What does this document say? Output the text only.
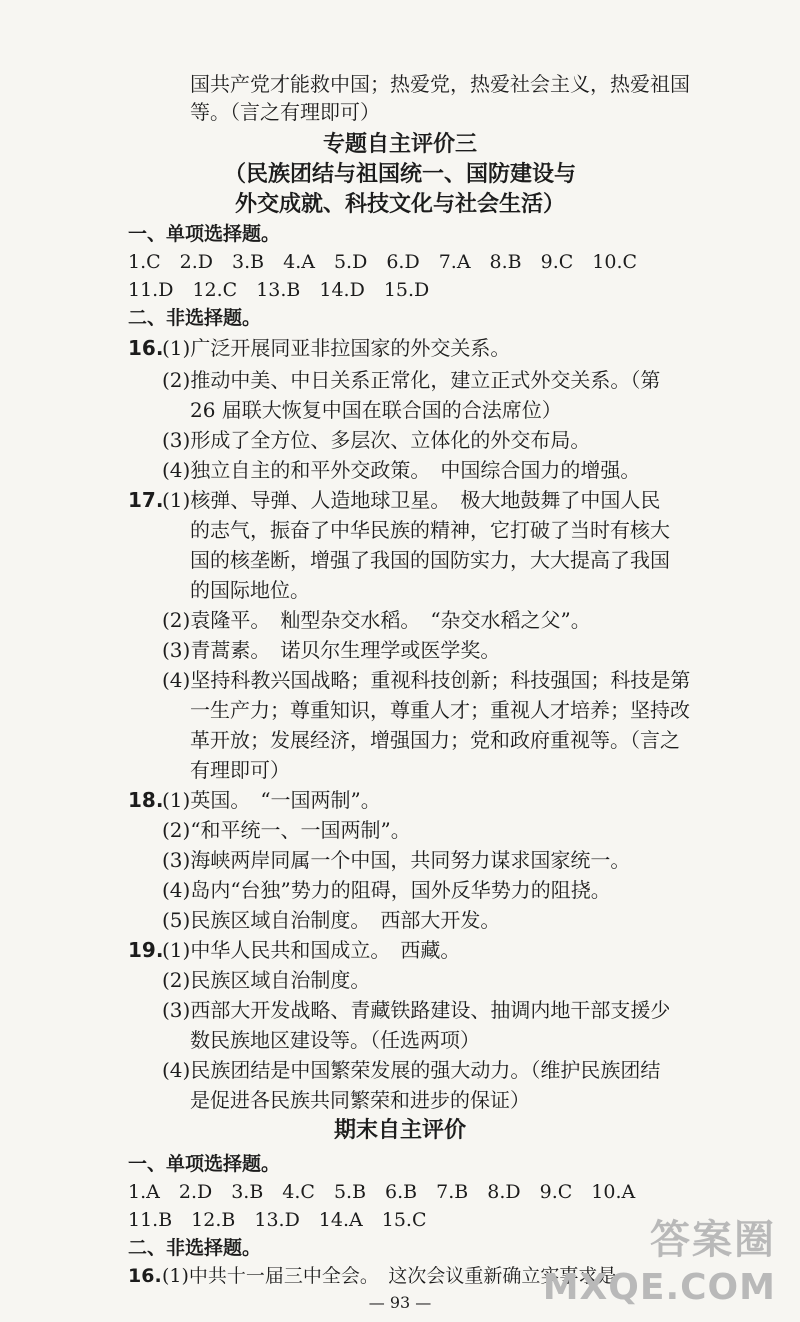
国共产党才能救中国；热爱党，热爱社会主义，热爱祖国
等。（言之有理即可）
专题自主评价三
（民族团结与祖国统一、国防建设与
外交成就、科技文化与社会生活）
一、单项选择题。
1.C　2.D　3.B　4.A　5.D　6.D　7.A　8.B　9.C　10.C
11.D　12.C　13.B　14.D　15.D
二、非选择题。
16.
(1)广泛开展同亚非拉国家的外交关系。
(2)推动中美、中日关系正常化，建立正式外交关系。（第
26 届联大恢复中国在联合国的合法席位）
(3)形成了全方位、多层次、立体化的外交布局。
(4)独立自主的和平外交政策。　中国综合国力的增强。
17.
(1)核弹、导弹、人造地球卫星。　极大地鼓舞了中国人民
的志气，振奋了中华民族的精神，它打破了当时有核大
国的核垄断，增强了我国的国防实力，大大提高了我国
的国际地位。
(2)袁隆平。　籼型杂交水稻。　“杂交水稻之父”。
(3)青蒿素。　诺贝尔生理学或医学奖。
(4)坚持科教兴国战略；重视科技创新；科技强国；科技是第
一生产力；尊重知识，尊重人才；重视人才培养；坚持改
革开放；发展经济，增强国力；党和政府重视等。（言之
有理即可）
18.
(1)英国。　“一国两制”。
(2)“和平统一、一国两制”。
(3)海峡两岸同属一个中国，共同努力谋求国家统一。
(4)岛内“台独”势力的阻碍，国外反华势力的阻挠。
(5)民族区域自治制度。　西部大开发。
19.
(1)中华人民共和国成立。　西藏。
(2)民族区域自治制度。
(3)西部大开发战略、青藏铁路建设、抽调内地干部支援少
数民族地区建设等。（任选两项）
(4)民族团结是中国繁荣发展的强大动力。（维护民族团结
是促进各民族共同繁荣和进步的保证）
期末自主评价
一、单项选择题。
1.A　2.D　3.B　4.C　5.B　6.B　7.B　8.D　9.C　10.A
11.B　12.B　13.D　14.A　15.C
二、非选择题。
16. (1)中共十一届三中全会。　这次会议重新确立实事求是
— 93 —
答案圈
MXQE.COM
